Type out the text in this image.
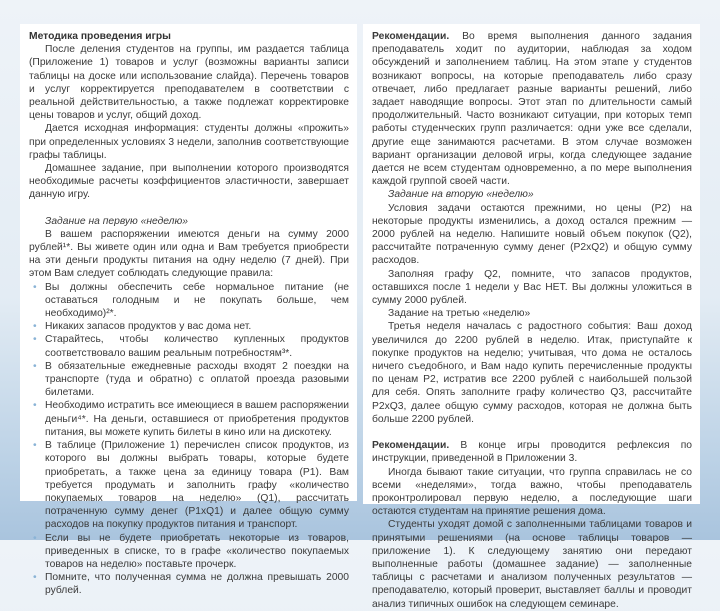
Методика проведения игры

После деления студентов на группы, им раздается таблица (Приложение 1) товаров и услуг (возможны варианты записи таблицы на доске или использование слайда). Перечень товаров и услуг корректируется преподавателем в соответствии с реальной действительностью, а также подлежат корректировке цены товаров и услуг, общий доход.

Дается исходная информация: студенты должны «прожить» при определенных условиях 3 недели, заполнив соответствующие графы таблицы.

Домашнее задание, при выполнении которого производятся необходимые расчеты коэффициентов эластичности, завершает данную игру.

Задание на первую «неделю»

В вашем распоряжении имеются деньги на сумму 2000 рублей¹*. Вы живете один или одна и Вам требуется приобрести на эти деньги продукты питания на одну неделю (7 дней). При этом Вам следует соблюдать следующие правила:

• Вы должны обеспечить себе нормальное питание (не оставаться голодным и не покупать больше, чем необходимо)²*.
• Никаких запасов продуктов у вас дома нет.
• Старайтесь, чтобы количество купленных продуктов соответствовало вашим реальным потребностям³*.
• В обязательные ежедневные расходы входят 2 поездки на транспорте (туда и обратно) с оплатой проезда разовыми билетами.
• Необходимо истратить все имеющиеся в вашем распоряжении деньги⁴*. На деньги, оставшиеся от приобретения продуктов питания, вы можете купить билеты в кино или на дискотеку.
• В таблице (Приложение 1) перечислен список продуктов, из которого вы должны выбрать товары, которые будете приобретать, а также цена за единицу товара (P1). Вам требуется продумать и заполнить графу «количество покупаемых товаров на неделю» (Q1), рассчитать потраченную сумму денег (P1xQ1) и далее общую сумму расходов на покупку продуктов питания и транспорт.
• Если вы не будете приобретать некоторые из товаров, приведенных в списке, то в графе «количество покупаемых товаров на неделю» поставьте прочерк.
• Помните, что полученная сумма не должна превышать 2000 рублей.

Рекомендации. Во время выполнения данного задания преподаватель ходит по аудитории, наблюдая за ходом обсуждений и заполнением таблиц. На этом этапе у студентов возникают вопросы, на которые преподаватель либо сразу отвечает, либо предлагает разные варианты решений, либо задает наводящие вопросы. Этот этап по длительности самый продолжительный. Часто возникают ситуации, при которых темп работы студенческих групп различается: одни уже все сделали, другие еще занимаются расчетами. В этом случае возможен вариант организации деловой игры, когда следующее задание дается не всем студентам одновременно, а по мере выполнения каждой группой своей части.

Задание на вторую «неделю»

Условия задачи остаются прежними, но цены (P2) на некоторые продукты изменились, а доход остался прежним — 2000 рублей на неделю. Напишите новый объем покупок (Q2), рассчитайте потраченную сумму денег (P2xQ2) и общую сумму расходов.

Заполняя графу Q2, помните, что запасов продуктов, оставшихся после 1 недели у Вас НЕТ. Вы должны уложиться в сумму 2000 рублей.

Задание на третью «неделю»

Третья неделя началась с радостного события: Ваш доход увеличился до 2200 рублей в неделю. Итак, приступайте к покупке продуктов на неделю; учитывая, что дома не осталось ничего съедобного, и Вам надо купить перечисленные продукты по ценам P2, истратив все 2200 рублей с наибольшей пользой для себя. Опять заполните графу количество Q3, рассчитайте P2xQ3, далее общую сумму расходов, которая не должна быть больше 2200 рублей.

Рекомендации. В конце игры проводится рефлексия по инструкции, приведенной в Приложении 3.

Иногда бывают такие ситуации, что группа справилась не со всеми «неделями», тогда важно, чтобы преподаватель проконтролировал первую неделю, а последующие шаги остаются студентам на принятие решения дома.

Студенты уходят домой с заполненными таблицами товаров и принятыми решениями (на основе таблицы товаров — приложение 1). К следующему занятию они передают выполненные работы (домашнее задание) — заполненные таблицы с расчетами и анализом полученных результатов — преподавателю, который проверит, выставляет баллы и проводит анализ типичных ошибок на следующем семинаре.
